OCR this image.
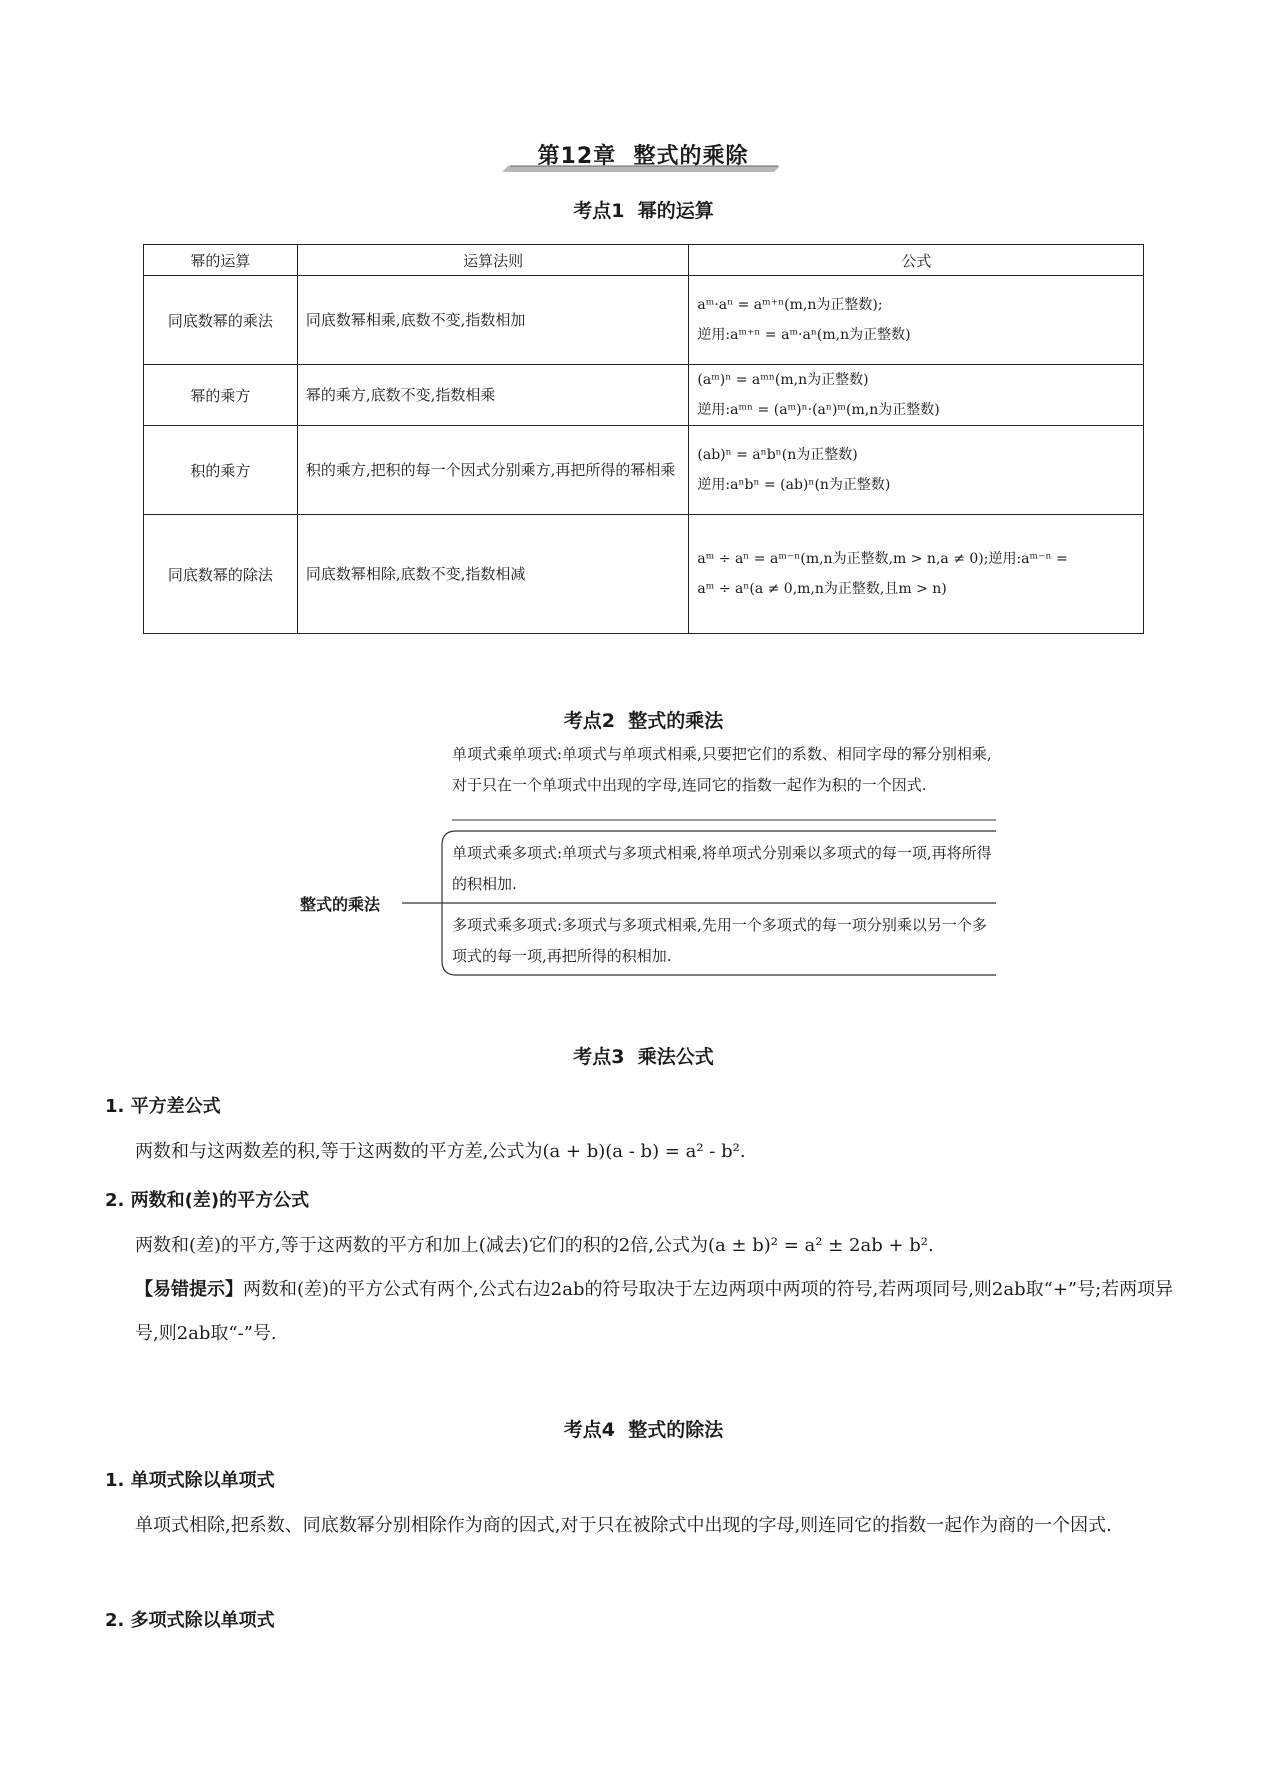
第12章  整式的乘除
考点1  幂的运算
幂的运算	运算法则	公式
同底数幂的乘法	同底数幂相乘,底数不变,指数相加	aᵐ·aⁿ = aᵐ⁺ⁿ(m,n为正整数);
逆用:aᵐ⁺ⁿ = aᵐ·aⁿ(m,n为正整数)

幂的乘方	幂的乘方,底数不变,指数相乘	(aᵐ)ⁿ = aᵐⁿ(m,n为正整数)
逆用:aᵐⁿ = (aᵐ)ⁿ·(aⁿ)ᵐ(m,n为正整数)

积的乘方	积的乘方,把积的每一个因式分别乘方,再把所得的幂相乘	(ab)ⁿ = aⁿbⁿ(n为正整数)
逆用:aⁿbⁿ = (ab)ⁿ(n为正整数)

同底数幂的除法	同底数幂相除,底数不变,指数相减	aᵐ ÷ aⁿ = aᵐ⁻ⁿ(m,n为正整数,m > n,a ≠ 0);逆用:aᵐ⁻ⁿ =
aᵐ ÷ aⁿ(a ≠ 0,m,n为正整数,且m > n)
考点2  整式的乘法
整式的乘法
单项式乘单项式:单项式与单项式相乘,只要把它们的系数、相同字母的幂分别相乘,对于只在一个单项式中出现的字母,连同它的指数一起作为积的一个因式.
单项式乘多项式:单项式与多项式相乘,将单项式分别乘以多项式的每一项,再将所得的积相加.
多项式乘多项式:多项式与多项式相乘,先用一个多项式的每一项分别乘以另一个多项式的每一项,再把所得的积相加.
考点3  乘法公式
1. 平方差公式
两数和与这两数差的积,等于这两数的平方差,公式为(a + b)(a - b) = a² - b².
2. 两数和(差)的平方公式
两数和(差)的平方,等于这两数的平方和加上(减去)它们的积的2倍,公式为(a ± b)² = a² ± 2ab + b².
【易错提示】两数和(差)的平方公式有两个,公式右边2ab的符号取决于左边两项中两项的符号,若两项同号,则2ab取“+”号;若两项异号,则2ab取“-”号.
考点4  整式的除法
1. 单项式除以单项式
单项式相除,把系数、同底数幂分别相除作为商的因式,对于只在被除式中出现的字母,则连同它的指数一起作为商的一个因式.
2. 多项式除以单项式
